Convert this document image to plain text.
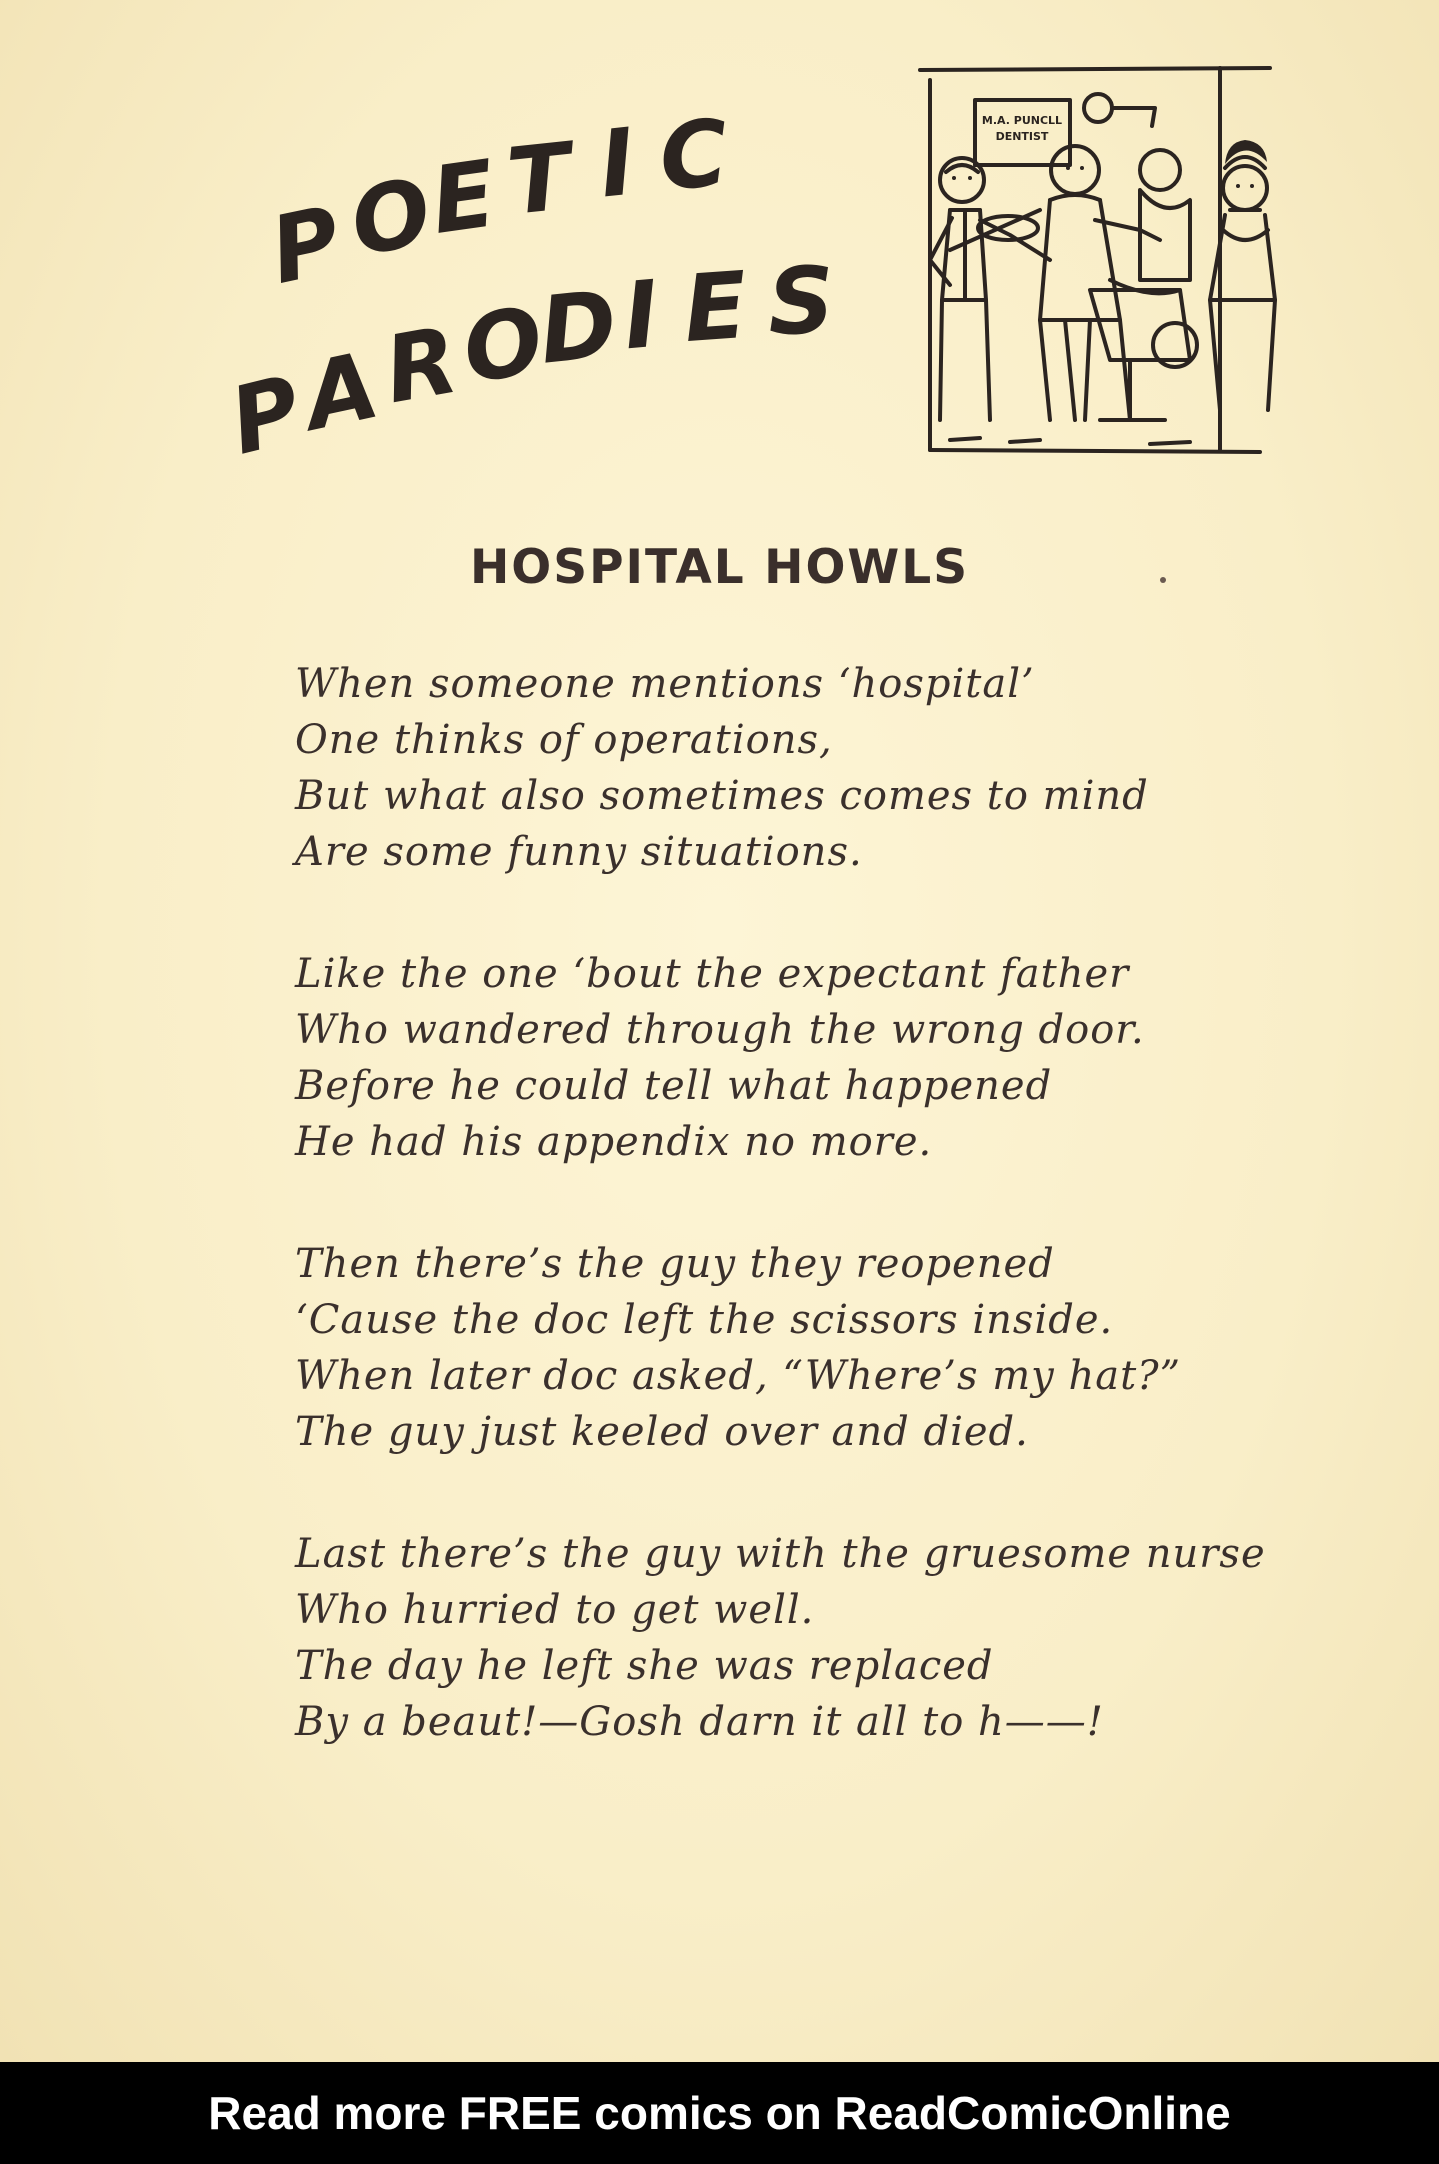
P
O
E T I C
P
A
R
O
D
I E S
M.A. PUNCLL
DENTIST
HOSPITAL HOWLS
When someone mentions ‘hospital’
One thinks of operations,
But what also sometimes comes to mind
Are some funny situations.
Like the one ‘bout the expectant father
Who wandered through the wrong door.
Before he could tell what happened
He had his appendix no more.
Then there’s the guy they reopened
‘Cause the doc left the scissors inside.
When later doc asked, “Where’s my hat?”
The guy just keeled over and died.
Last there’s the guy with the gruesome nurse
Who hurried to get well.
The day he left she was replaced
By a beaut!—Gosh darn it all to h——!
Read more FREE comics on ReadComicOnline
